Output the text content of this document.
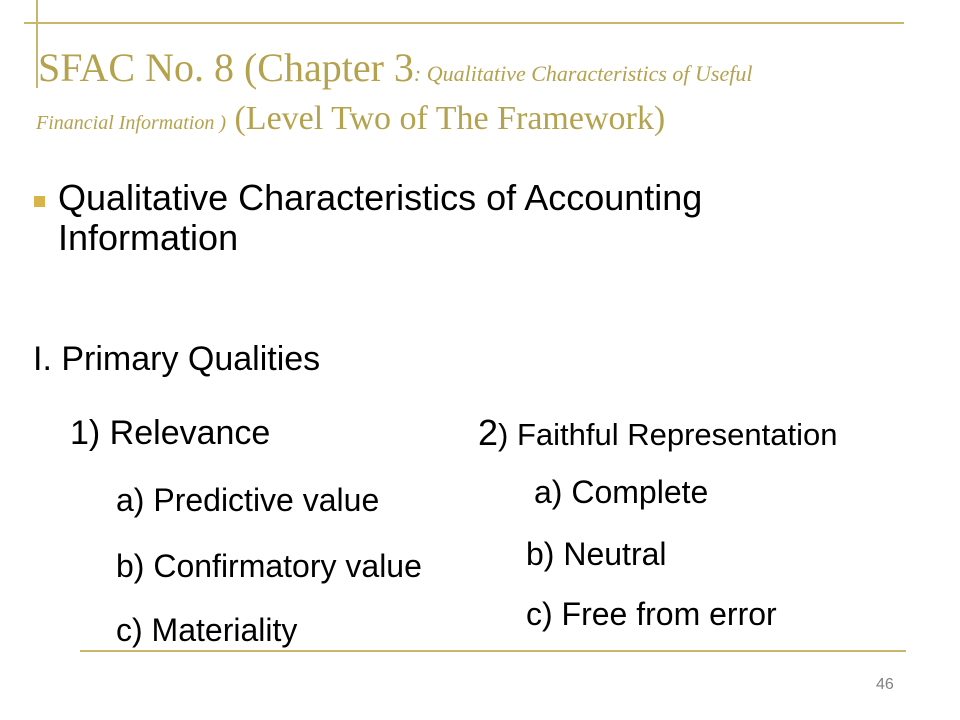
SFAC No. 8 (Chapter 3: Qualitative Characteristics of Useful
Financial Information ) (Level Two of The Framework)
Qualitative Characteristics of Accounting
Information
I. Primary Qualities
1) Relevance	2) Faithful Representation
a) Predictive value
b) Confirmatory value
c) Materiality
a) Complete
b) Neutral
c) Free from error
46
